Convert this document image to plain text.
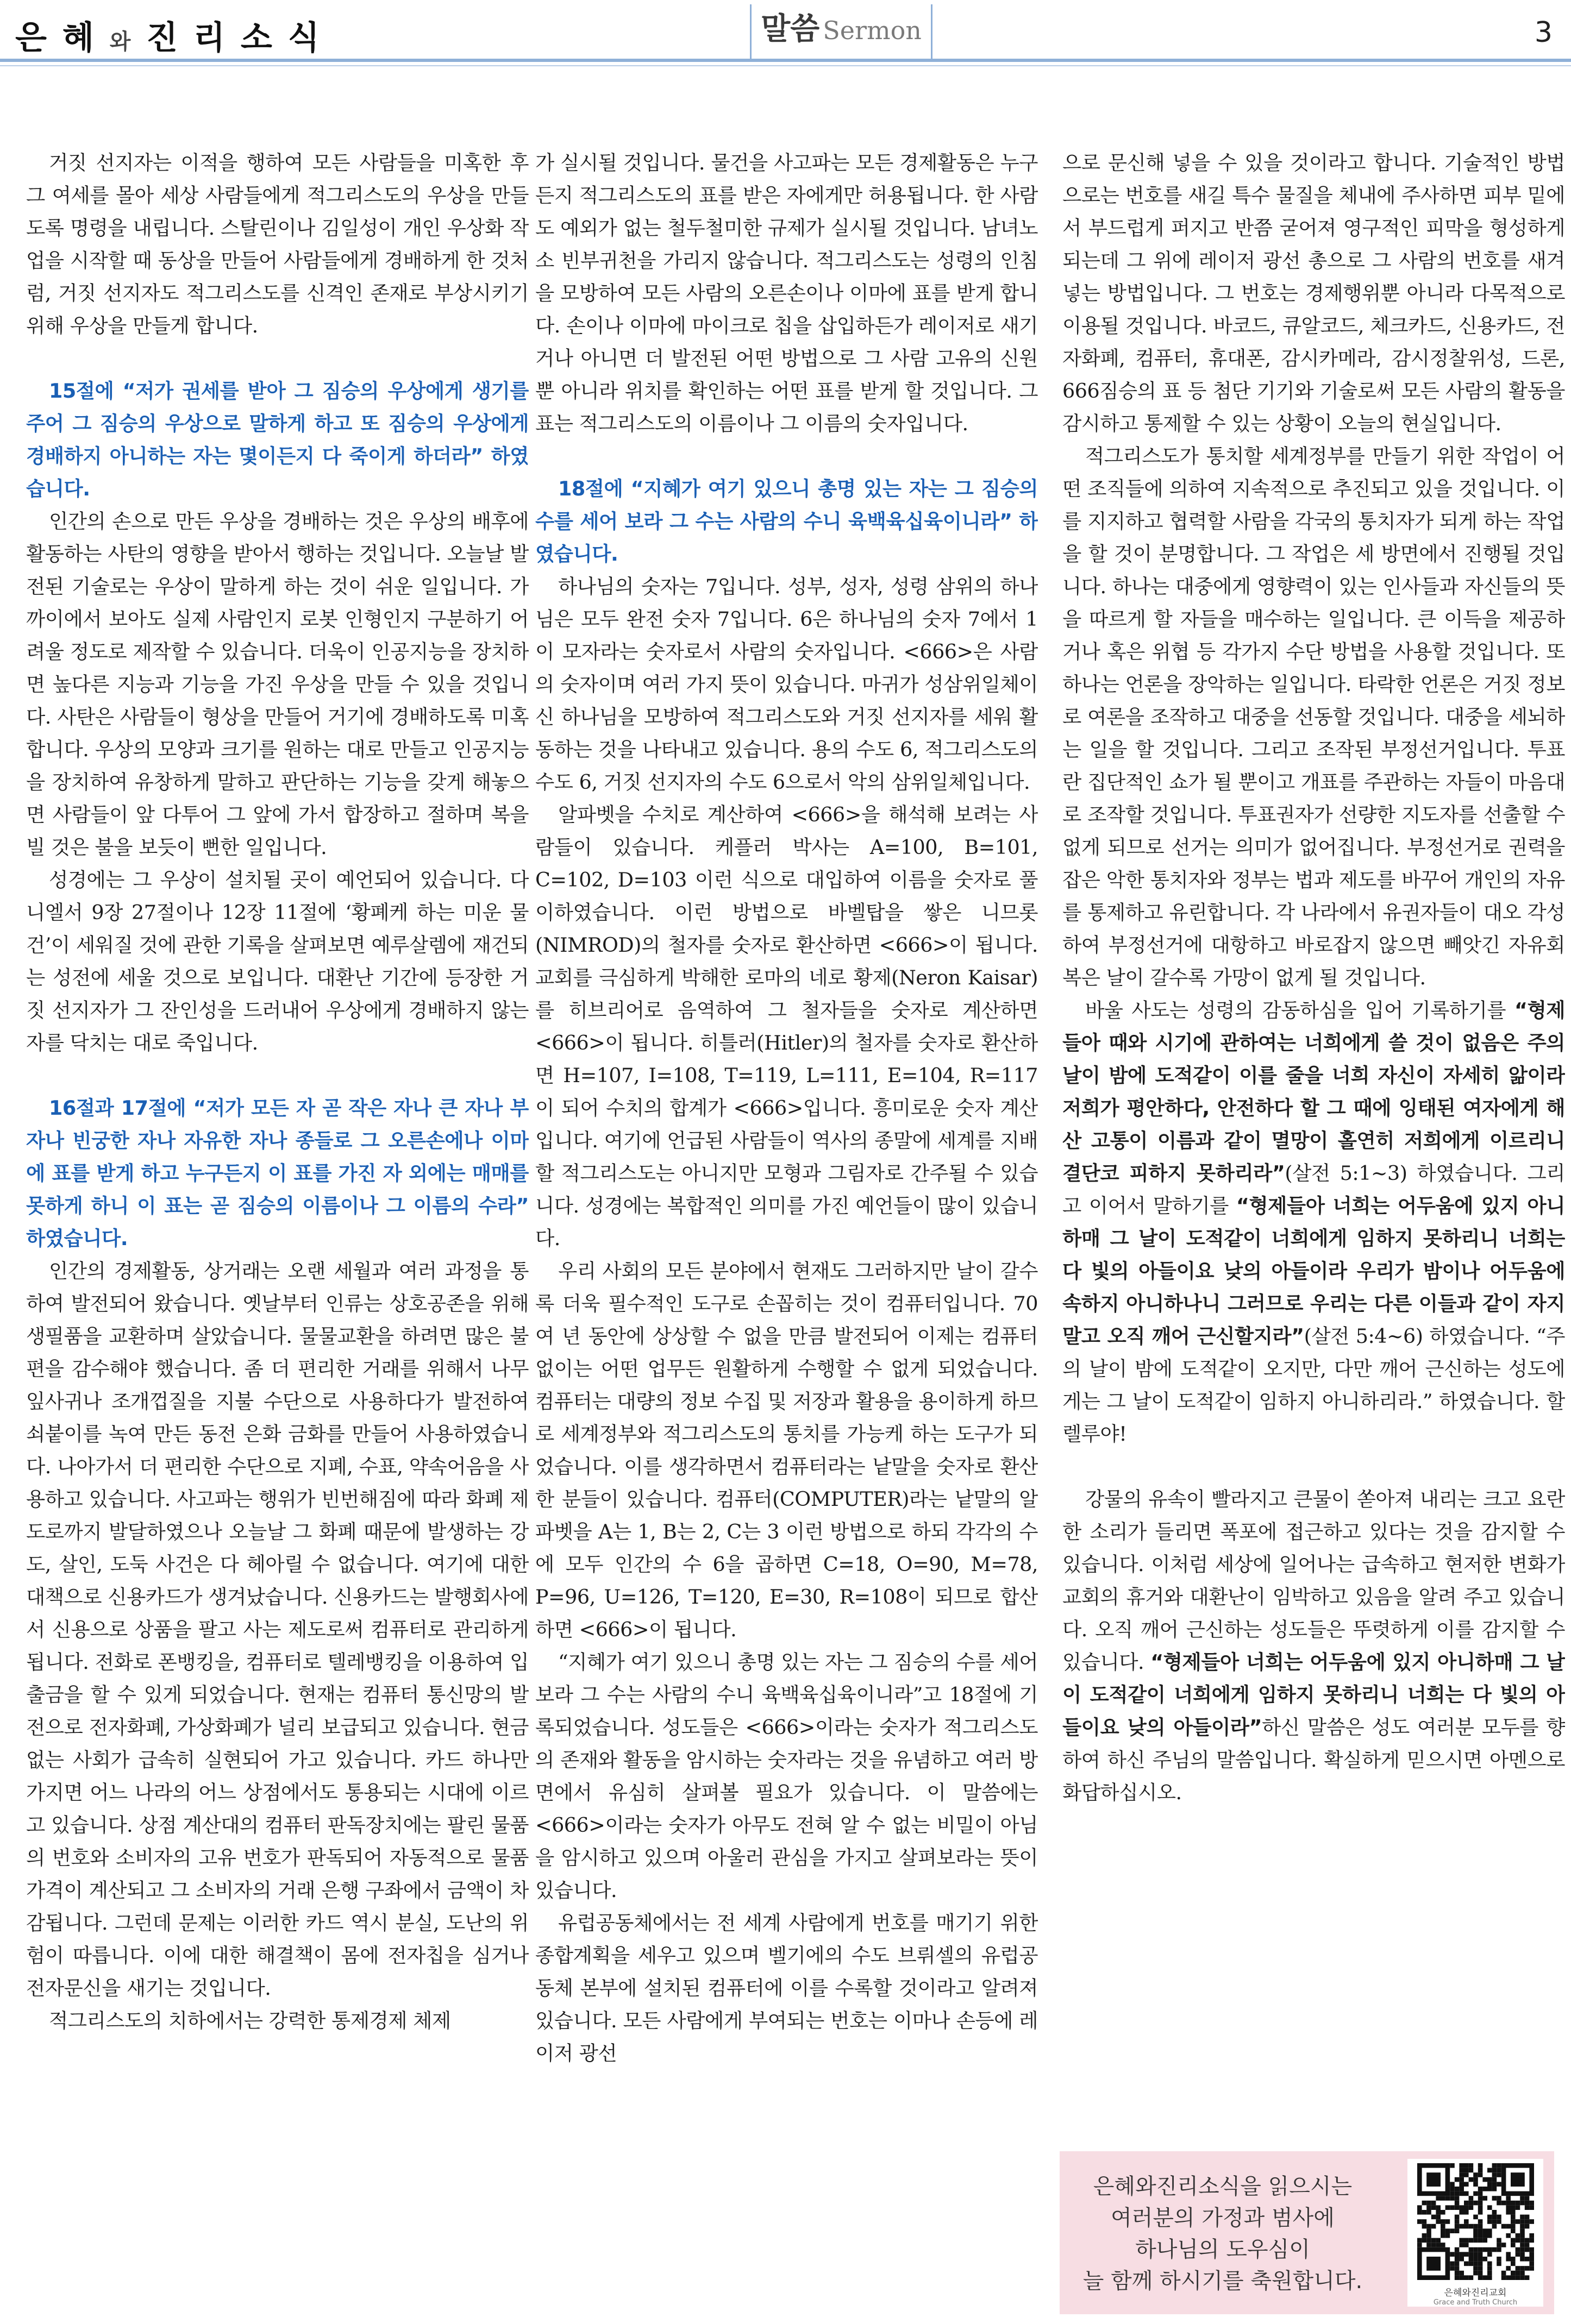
은 혜 와 진 리 소 식	말씀 Sermon	3

거짓 선지자는 이적을 행하여 모든 사람들을 미혹한 후 그 여세를 몰아 세상 사람들에게 적그리스도의 우상을 만들도록 명령을 내립니다. 스탈린이나 김일성이 개인 우상화 작업을 시작할 때 동상을 만들어 사람들에게 경배하게 한 것처럼, 거짓 선지자도 적그리스도를 신격인 존재로 부상시키기 위해 우상을 만들게 합니다.

15절에 “저가 권세를 받아 그 짐승의 우상에게 생기를 주어 그 짐승의 우상으로 말하게 하고 또 짐승의 우상에게 경배하지 아니하는 자는 몇이든지 다 죽이게 하더라” 하였습니다.

인간의 손으로 만든 우상을 경배하는 것은 우상의 배후에 활동하는 사탄의 영향을 받아서 행하는 것입니다. 오늘날 발전된 기술로는 우상이 말하게 하는 것이 쉬운 일입니다. 가까이에서 보아도 실제 사람인지 로봇 인형인지 구분하기 어려울 정도로 제작할 수 있습니다. 더욱이 인공지능을 장치하면 높다른 지능과 기능을 가진 우상을 만들 수 있을 것입니다. 사탄은 사람들이 형상을 만들어 거기에 경배하도록 미혹합니다. 우상의 모양과 크기를 원하는 대로 만들고 인공지능을 장치하여 유창하게 말하고 판단하는 기능을 갖게 해놓으면 사람들이 앞 다투어 그 앞에 가서 합장하고 절하며 복을 빌 것은 불을 보듯이 뻔한 일입니다.

성경에는 그 우상이 설치될 곳이 예언되어 있습니다. 다니엘서 9장 27절이나 12장 11절에 ‘황폐케 하는 미운 물건’이 세워질 것에 관한 기록을 살펴보면 예루살렘에 재건되는 성전에 세울 것으로 보입니다. 대환난 기간에 등장한 거짓 선지자가 그 잔인성을 드러내어 우상에게 경배하지 않는 자를 닥치는 대로 죽입니다.

16절과 17절에 “저가 모든 자 곧 작은 자나 큰 자나 부자나 빈궁한 자나 자유한 자나 종들로 그 오른손에나 이마에 표를 받게 하고 누구든지 이 표를 가진 자 외에는 매매를 못하게 하니 이 표는 곧 짐승의 이름이나 그 이름의 수라” 하였습니다.

인간의 경제활동, 상거래는 오랜 세월과 여러 과정을 통하여 발전되어 왔습니다. 옛날부터 인류는 상호공존을 위해 생필품을 교환하며 살았습니다. 물물교환을 하려면 많은 불편을 감수해야 했습니다. 좀 더 편리한 거래를 위해서 나무 잎사귀나 조개껍질을 지불 수단으로 사용하다가 발전하여 쇠붙이를 녹여 만든 동전 은화 금화를 만들어 사용하였습니다. 나아가서 더 편리한 수단으로 지폐, 수표, 약속어음을 사용하고 있습니다. 사고파는 행위가 빈번해짐에 따라 화폐 제도로까지 발달하였으나 오늘날 그 화폐 때문에 발생하는 강도, 살인, 도둑 사건은 다 헤아릴 수 없습니다. 여기에 대한 대책으로 신용카드가 생겨났습니다. 신용카드는 발행회사에서 신용으로 상품을 팔고 사는 제도로써 컴퓨터로 관리하게 됩니다. 전화로 폰뱅킹을, 컴퓨터로 텔레뱅킹을 이용하여 입출금을 할 수 있게 되었습니다. 현재는 컴퓨터 통신망의 발전으로 전자화폐, 가상화폐가 널리 보급되고 있습니다. 현금 없는 사회가 급속히 실현되어 가고 있습니다. 카드 하나만 가지면 어느 나라의 어느 상점에서도 통용되는 시대에 이르고 있습니다. 상점 계산대의 컴퓨터 판독장치에는 팔린 물품의 번호와 소비자의 고유 번호가 판독되어 자동적으로 물품 가격이 계산되고 그 소비자의 거래 은행 구좌에서 금액이 차감됩니다. 그런데 문제는 이러한 카드 역시 분실, 도난의 위험이 따릅니다. 이에 대한 해결책이 몸에 전자칩을 심거나 전자문신을 새기는 것입니다.

적그리스도의 치하에서는 강력한 통제경제 체제

가 실시될 것입니다. 물건을 사고파는 모든 경제활동은 누구든지 적그리스도의 표를 받은 자에게만 허용됩니다. 한 사람도 예외가 없는 철두철미한 규제가 실시될 것입니다. 남녀노소 빈부귀천을 가리지 않습니다. 적그리스도는 성령의 인침을 모방하여 모든 사람의 오른손이나 이마에 표를 받게 합니다. 손이나 이마에 마이크로 칩을 삽입하든가 레이저로 새기거나 아니면 더 발전된 어떤 방법으로 그 사람 고유의 신원뿐 아니라 위치를 확인하는 어떤 표를 받게 할 것입니다. 그 표는 적그리스도의 이름이나 그 이름의 숫자입니다.

18절에 “지혜가 여기 있으니 총명 있는 자는 그 짐승의 수를 세어 보라 그 수는 사람의 수니 육백육십육이니라” 하였습니다.

하나님의 숫자는 7입니다. 성부, 성자, 성령 삼위의 하나님은 모두 완전 숫자 7입니다. 6은 하나님의 숫자 7에서 1이 모자라는 숫자로서 사람의 숫자입니다. <666>은 사람의 숫자이며 여러 가지 뜻이 있습니다. 마귀가 성삼위일체이신 하나님을 모방하여 적그리스도와 거짓 선지자를 세워 활동하는 것을 나타내고 있습니다. 용의 수도 6, 적그리스도의 수도 6, 거짓 선지자의 수도 6으로서 악의 삼위일체입니다.

알파벳을 수치로 계산하여 <666>을 해석해 보려는 사람들이 있습니다. 케플러 박사는 A=100, B=101, C=102, D=103 이런 식으로 대입하여 이름을 숫자로 풀이하였습니다. 이런 방법으로 바벨탑을 쌓은 니므롯(NIMROD)의 철자를 숫자로 환산하면 <666>이 됩니다. 교회를 극심하게 박해한 로마의 네로 황제(Neron Kaisar)를 히브리어로 음역하여 그 철자들을 숫자로 계산하면 <666>이 됩니다. 히틀러(Hitler)의 철자를 숫자로 환산하면 H=107, I=108, T=119, L=111, E=104, R=117이 되어 수치의 합계가 <666>입니다. 흥미로운 숫자 계산입니다. 여기에 언급된 사람들이 역사의 종말에 세계를 지배할 적그리스도는 아니지만 모형과 그림자로 간주될 수 있습니다. 성경에는 복합적인 의미를 가진 예언들이 많이 있습니다.

우리 사회의 모든 분야에서 현재도 그러하지만 날이 갈수록 더욱 필수적인 도구로 손꼽히는 것이 컴퓨터입니다. 70여 년 동안에 상상할 수 없을 만큼 발전되어 이제는 컴퓨터 없이는 어떤 업무든 원활하게 수행할 수 없게 되었습니다. 컴퓨터는 대량의 정보 수집 및 저장과 활용을 용이하게 하므로 세계정부와 적그리스도의 통치를 가능케 하는 도구가 되었습니다. 이를 생각하면서 컴퓨터라는 낱말을 숫자로 환산한 분들이 있습니다. 컴퓨터(COMPUTER)라는 낱말의 알파벳을 A는 1, B는 2, C는 3 이런 방법으로 하되 각각의 수에 모두 인간의 수 6을 곱하면 C=18, O=90, M=78, P=96, U=126, T=120, E=30, R=108이 되므로 합산하면 <666>이 됩니다.

“지혜가 여기 있으니 총명 있는 자는 그 짐승의 수를 세어 보라 그 수는 사람의 수니 육백육십육이니라”고 18절에 기록되었습니다. 성도들은 <666>이라는 숫자가 적그리스도의 존재와 활동을 암시하는 숫자라는 것을 유념하고 여러 방면에서 유심히 살펴볼 필요가 있습니다. 이 말씀에는 <666>이라는 숫자가 아무도 전혀 알 수 없는 비밀이 아님을 암시하고 있으며 아울러 관심을 가지고 살펴보라는 뜻이 있습니다.

유럽공동체에서는 전 세계 사람에게 번호를 매기기 위한 종합계획을 세우고 있으며 벨기에의 수도 브뤼셀의 유럽공동체 본부에 설치된 컴퓨터에 이를 수록할 것이라고 알려져 있습니다. 모든 사람에게 부여되는 번호는 이마나 손등에 레이저 광선

으로 문신해 넣을 수 있을 것이라고 합니다. 기술적인 방법으로는 번호를 새길 특수 물질을 체내에 주사하면 피부 밑에서 부드럽게 퍼지고 반쯤 굳어져 영구적인 피막을 형성하게 되는데 그 위에 레이저 광선 총으로 그 사람의 번호를 새겨 넣는 방법입니다. 그 번호는 경제행위뿐 아니라 다목적으로 이용될 것입니다. 바코드, 큐알코드, 체크카드, 신용카드, 전자화폐, 컴퓨터, 휴대폰, 감시카메라, 감시정찰위성, 드론, 666짐승의 표 등 첨단 기기와 기술로써 모든 사람의 활동을 감시하고 통제할 수 있는 상황이 오늘의 현실입니다.

적그리스도가 통치할 세계정부를 만들기 위한 작업이 어떤 조직들에 의하여 지속적으로 추진되고 있을 것입니다. 이를 지지하고 협력할 사람을 각국의 통치자가 되게 하는 작업을 할 것이 분명합니다. 그 작업은 세 방면에서 진행될 것입니다. 하나는 대중에게 영향력이 있는 인사들과 자신들의 뜻을 따르게 할 자들을 매수하는 일입니다. 큰 이득을 제공하거나 혹은 위협 등 각가지 수단 방법을 사용할 것입니다. 또 하나는 언론을 장악하는 일입니다. 타락한 언론은 거짓 정보로 여론을 조작하고 대중을 선동할 것입니다. 대중을 세뇌하는 일을 할 것입니다. 그리고 조작된 부정선거입니다. 투표란 집단적인 쇼가 될 뿐이고 개표를 주관하는 자들이 마음대로 조작할 것입니다. 투표권자가 선량한 지도자를 선출할 수 없게 되므로 선거는 의미가 없어집니다. 부정선거로 권력을 잡은 악한 통치자와 정부는 법과 제도를 바꾸어 개인의 자유를 통제하고 유린합니다. 각 나라에서 유권자들이 대오 각성하여 부정선거에 대항하고 바로잡지 않으면 빼앗긴 자유회복은 날이 갈수록 가망이 없게 될 것입니다.

바울 사도는 성령의 감동하심을 입어 기록하기를 “형제들아 때와 시기에 관하여는 너희에게 쓸 것이 없음은 주의 날이 밤에 도적같이 이를 줄을 너희 자신이 자세히 앎이라 저희가 평안하다, 안전하다 할 그 때에 잉태된 여자에게 해산 고통이 이름과 같이 멸망이 홀연히 저희에게 이르리니 결단코 피하지 못하리라”(살전 5:1~3) 하였습니다. 그리고 이어서 말하기를 “형제들아 너희는 어두움에 있지 아니하매 그 날이 도적같이 너희에게 임하지 못하리니 너희는 다 빛의 아들이요 낮의 아들이라 우리가 밤이나 어두움에 속하지 아니하나니 그러므로 우리는 다른 이들과 같이 자지 말고 오직 깨어 근신할지라”(살전 5:4~6) 하였습니다. “주의 날이 밤에 도적같이 오지만, 다만 깨어 근신하는 성도에게는 그 날이 도적같이 임하지 아니하리라.” 하였습니다. 할렐루야!

강물의 유속이 빨라지고 큰물이 쏟아져 내리는 크고 요란한 소리가 들리면 폭포에 접근하고 있다는 것을 감지할 수 있습니다. 이처럼 세상에 일어나는 급속하고 현저한 변화가 교회의 휴거와 대환난이 임박하고 있음을 알려 주고 있습니다. 오직 깨어 근신하는 성도들은 뚜렷하게 이를 감지할 수 있습니다. “형제들아 너희는 어두움에 있지 아니하매 그 날이 도적같이 너희에게 임하지 못하리니 너희는 다 빛의 아들이요 낮의 아들이라”하신 말씀은 성도 여러분 모두를 향하여 하신 주님의 말씀입니다. 확실하게 믿으시면 아멘으로 화답하십시오.

은혜와진리소식을 읽으시는
여러분의 가정과 범사에
하나님의 도우심이
늘 함께 하시기를 축원합니다.	은혜와진리교회
Grace and Truth Church
